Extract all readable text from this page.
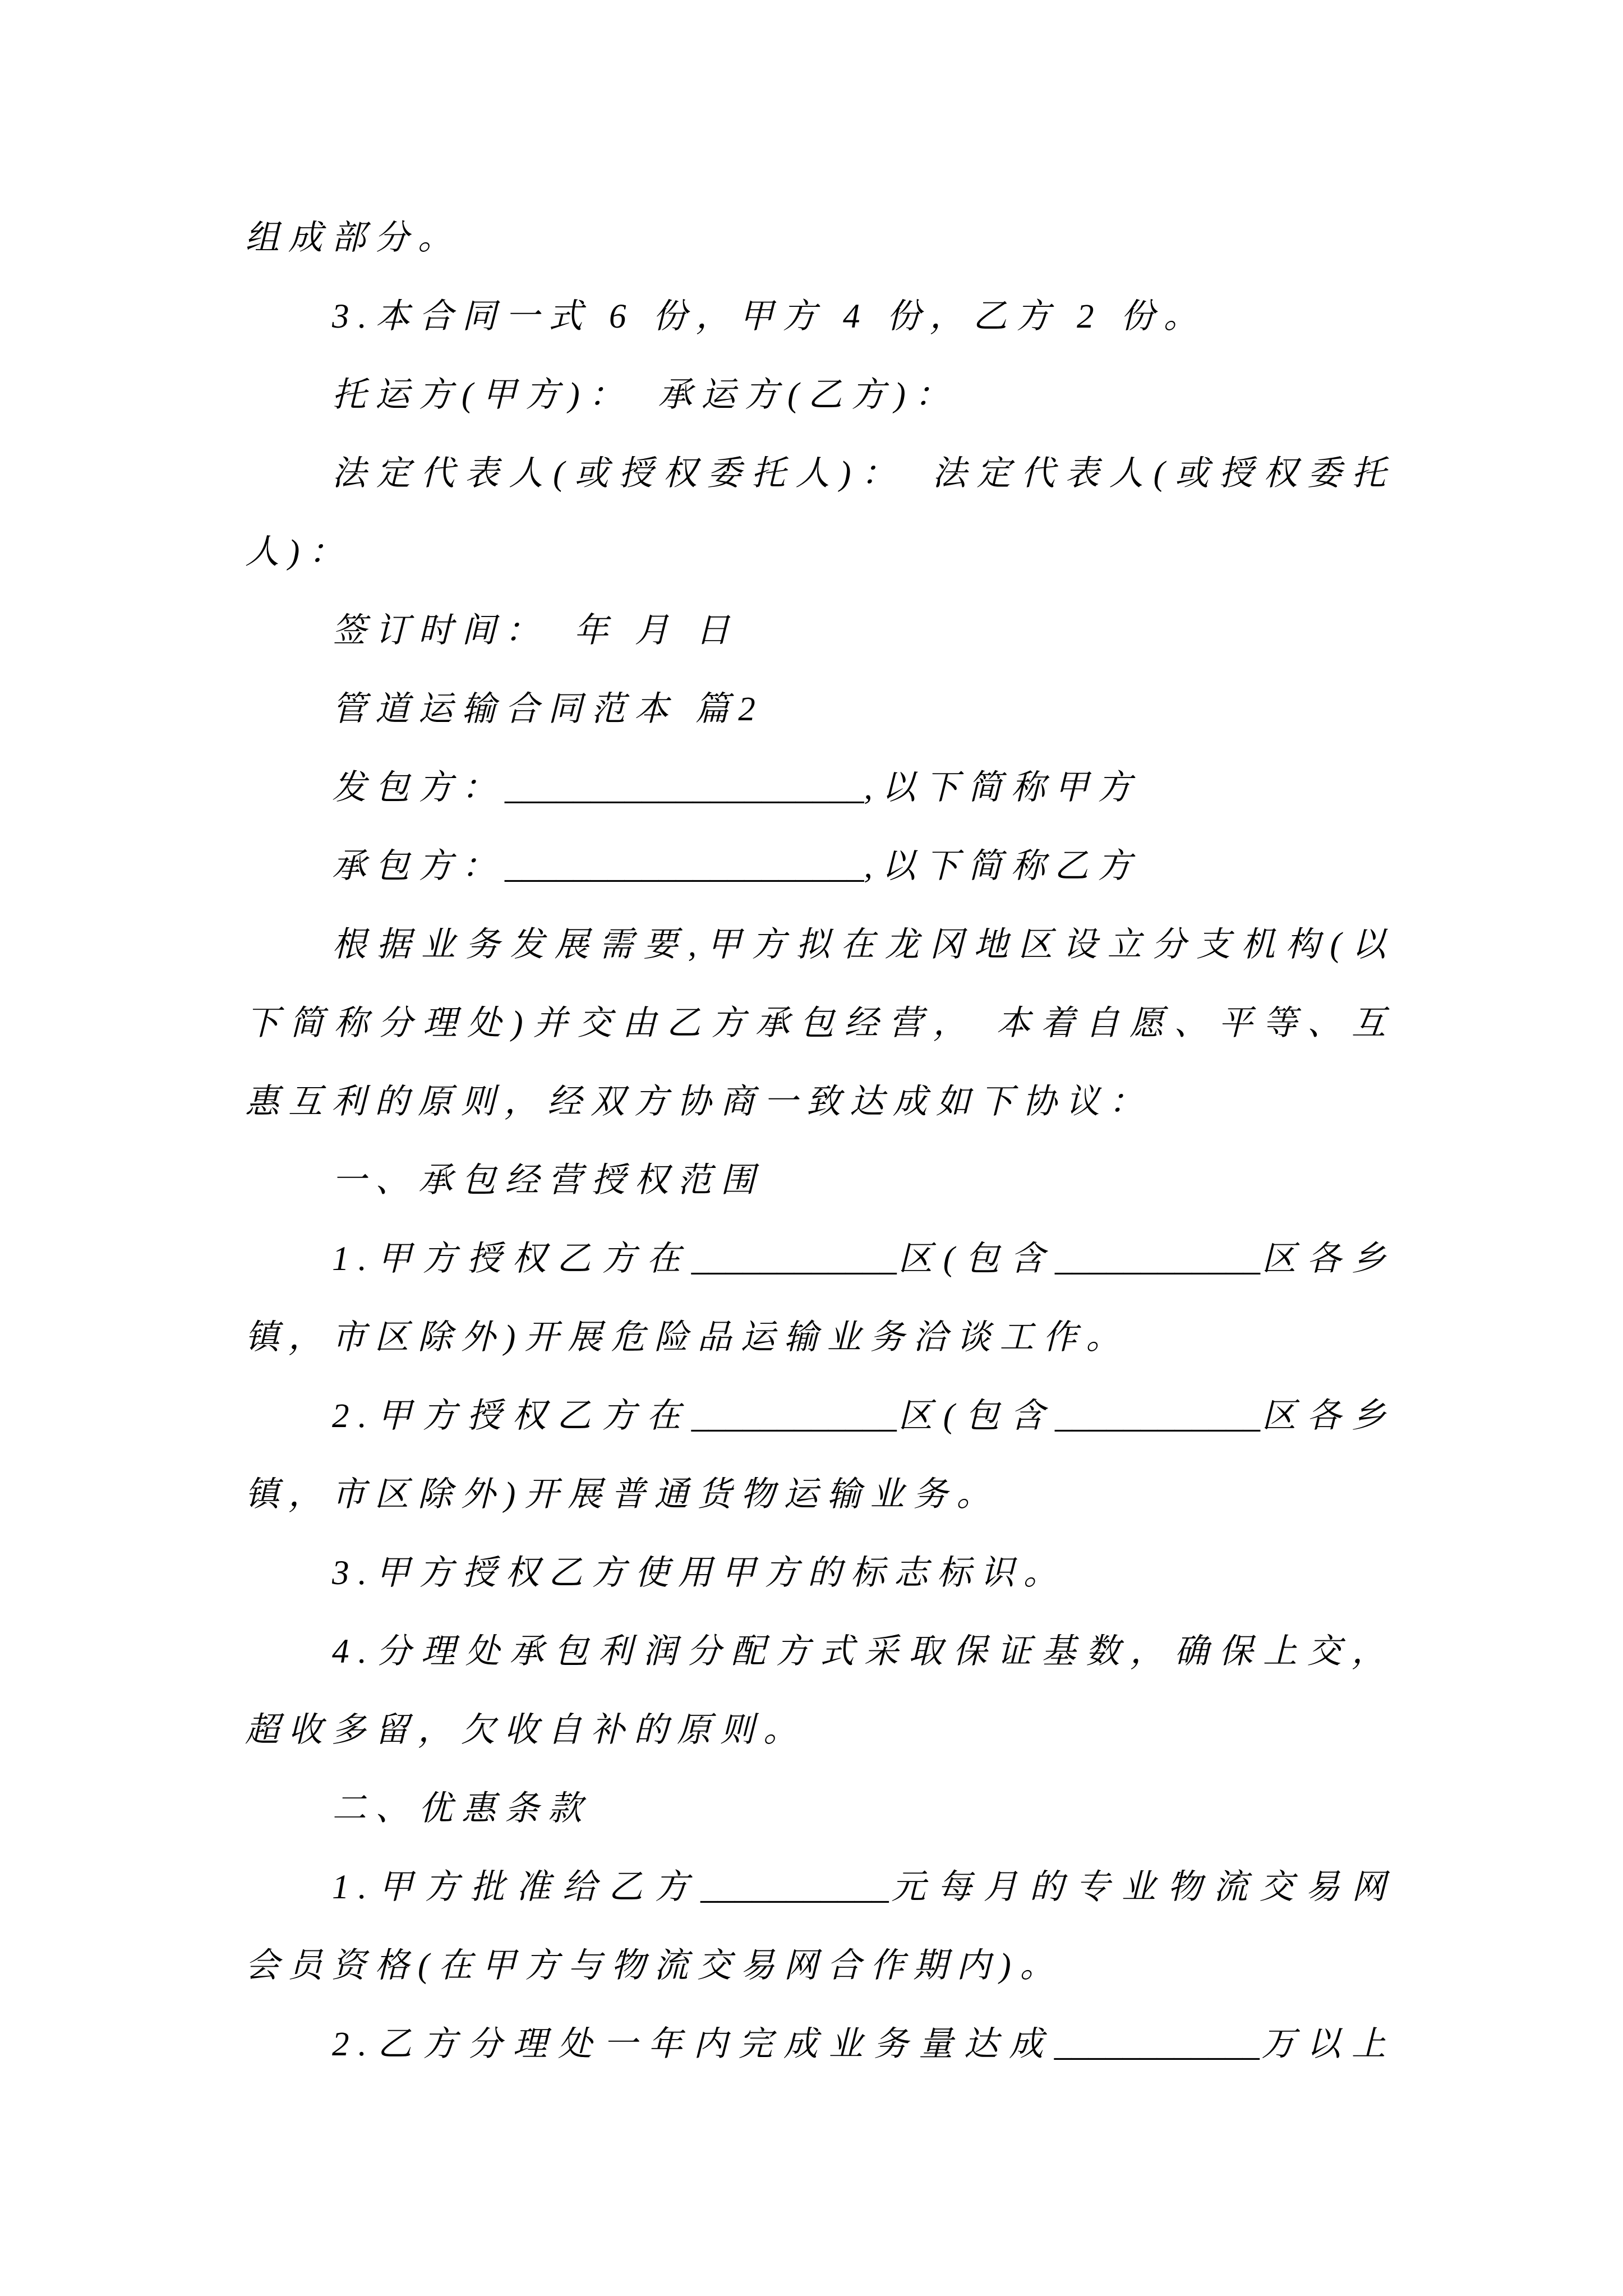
组成部分。
3.本合同一式 6 份，甲方 4 份，乙方 2 份。
托运方(甲方)：　承运方(乙方)：
法定代表人(或授权委托人)：　法定代表人(或授权委托
人)：
签订时间：　年 月 日
管道运输合同范本 篇2
发包方：_____________________,以下简称甲方
承包方：_____________________,以下简称乙方
根据业务发展需要,甲方拟在龙冈地区设立分支机构(以
下简称分理处)并交由乙方承包经营， 本着自愿、平等、互
惠互利的原则，经双方协商一致达成如下协议：
一、承包经营授权范围
1.甲方授权乙方在____________区(包含____________区各乡
镇，市区除外)开展危险品运输业务洽谈工作。
2.甲方授权乙方在____________区(包含____________区各乡
镇，市区除外)开展普通货物运输业务。
3.甲方授权乙方使用甲方的标志标识。
4.分理处承包利润分配方式采取保证基数，确保上交，
超收多留，欠收自补的原则。
二、优惠条款
1.甲方批准给乙方___________元每月的专业物流交易网
会员资格(在甲方与物流交易网合作期内)。
2.乙方分理处一年内完成业务量达成____________万以上
